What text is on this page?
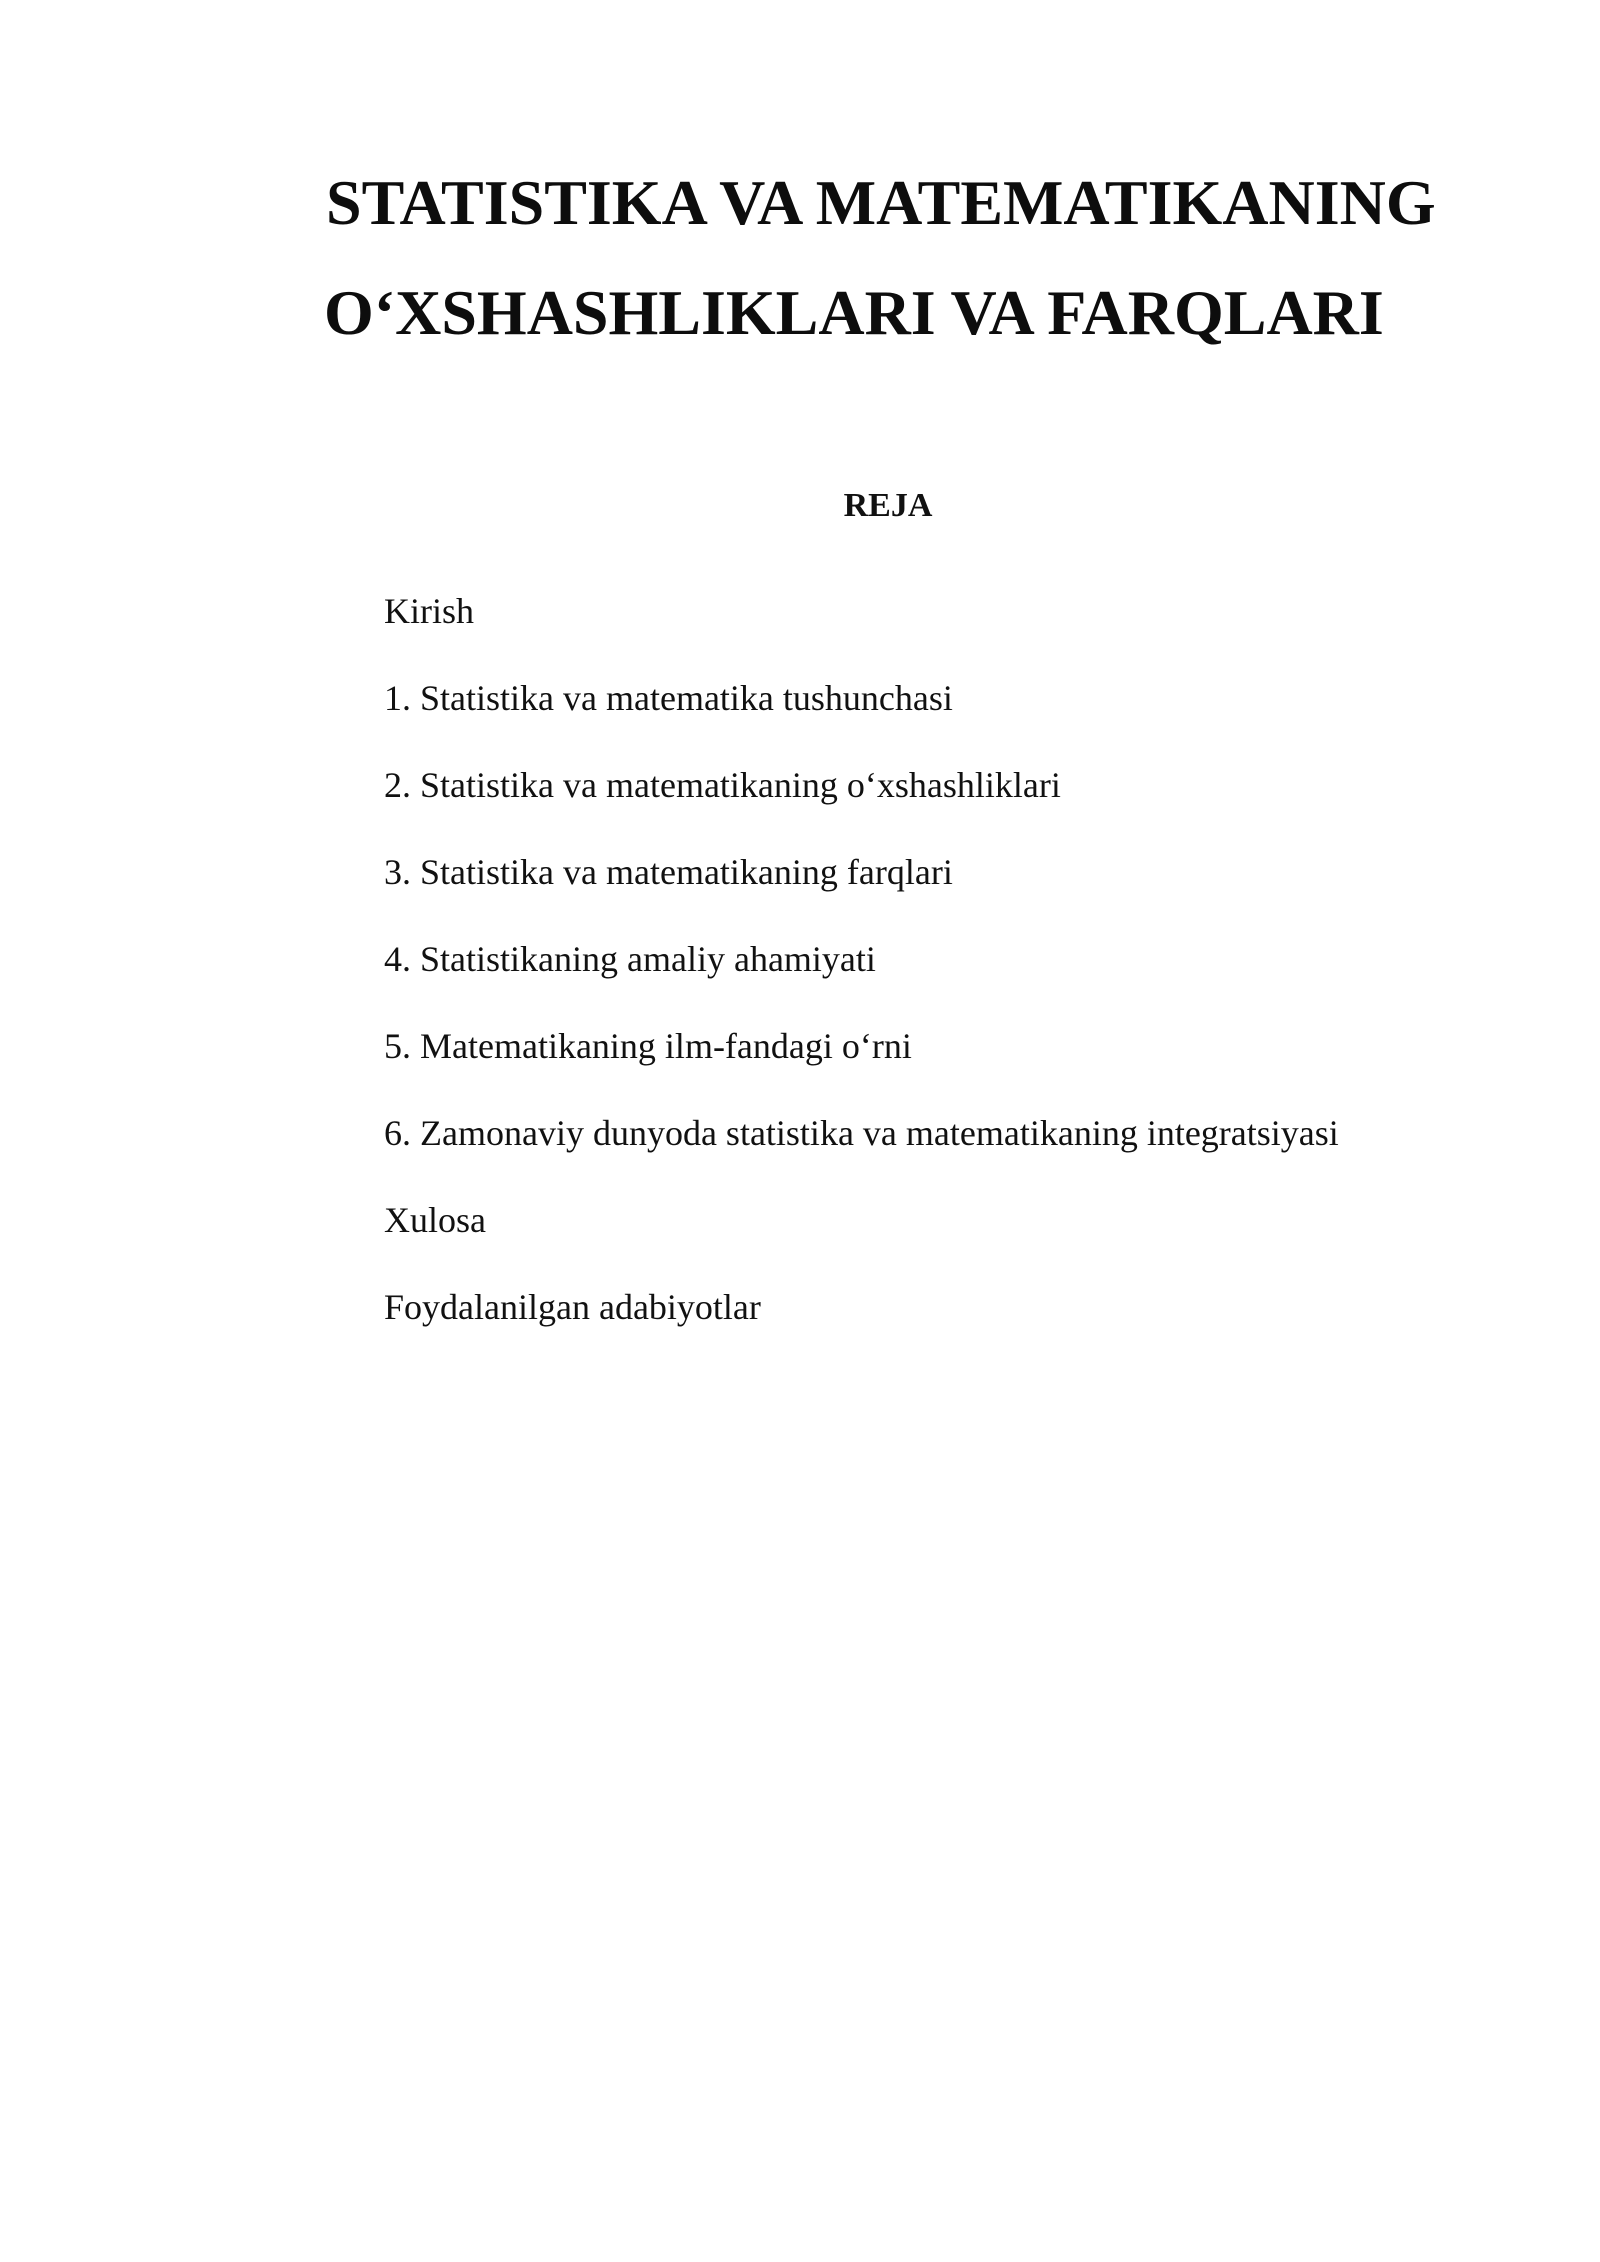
STATISTIKA VA MATEMATIKANING
O‘XSHASHLIKLARI VA FARQLARI
REJA
Kirish
1. Statistika va matematika tushunchasi
2. Statistika va matematikaning o‘xshashliklari
3. Statistika va matematikaning farqlari
4. Statistikaning amaliy ahamiyati
5. Matematikaning ilm-fandagi o‘rni
6. Zamonaviy dunyoda statistika va matematikaning integratsiyasi
Xulosa
Foydalanilgan adabiyotlar
